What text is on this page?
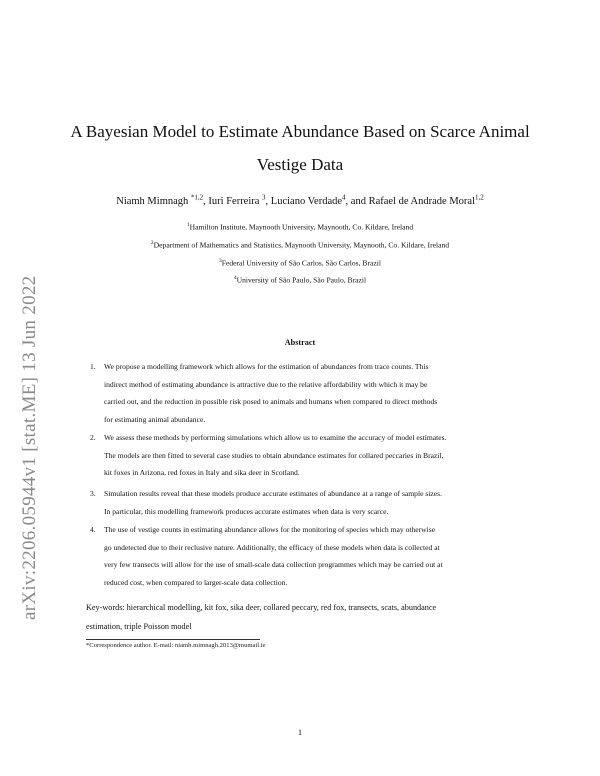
arXiv:2206.05944v1 [stat.ME] 13 Jun 2022
A Bayesian Model to Estimate Abundance Based on Scarce Animal
Vestige Data
Niamh Mimnagh $^{*1,2}$, Iuri Ferreira $^3$, Luciano Verdade$^4$, and Rafael de Andrade Moral$^{1,2}$
$^1$Hamilton Institute, Maynooth University, Maynooth, Co. Kildare, Ireland
$^2$Department of Mathematics and Statistics, Maynooth University, Maynooth, Co. Kildare, Ireland
$^3$Federal University of São Carlos, São Carlos, Brazil
$^4$University of São Paulo, São Paulo, Brazil
Abstract
1. We propose a modelling framework which allows for the estimation of abundances from trace counts. This
indirect method of estimating abundance is attractive due to the relative affordability with which it may be
carried out, and the reduction in possible risk posed to animals and humans when compared to direct methods
for estimating animal abundance.
2. We assess these methods by performing simulations which allow us to examine the accuracy of model estimates.
The models are then fitted to several case studies to obtain abundance estimates for collared peccaries in Brazil,
kit foxes in Arizona, red foxes in Italy and sika deer in Scotland.
3. Simulation results reveal that these models produce accurate estimates of abundance at a range of sample sizes.
In particular, this modelling framework produces accurate estimates when data is very scarce.
4. The use of vestige counts in estimating abundance allows for the monitoring of species which may otherwise
go undetected due to their reclusive nature. Additionally, the efficacy of these models when data is collected at
very few transects will allow for the use of small-scale data collection programmes which may be carried out at
reduced cost, when compared to larger-scale data collection.
Key-words: hierarchical modelling, kit fox, sika deer, collared peccary, red fox, transects, scats, abundance
estimation, triple Poisson model
*Correspondence author. E-mail: niamh.mimnagh.2013@mumail.ie
1
